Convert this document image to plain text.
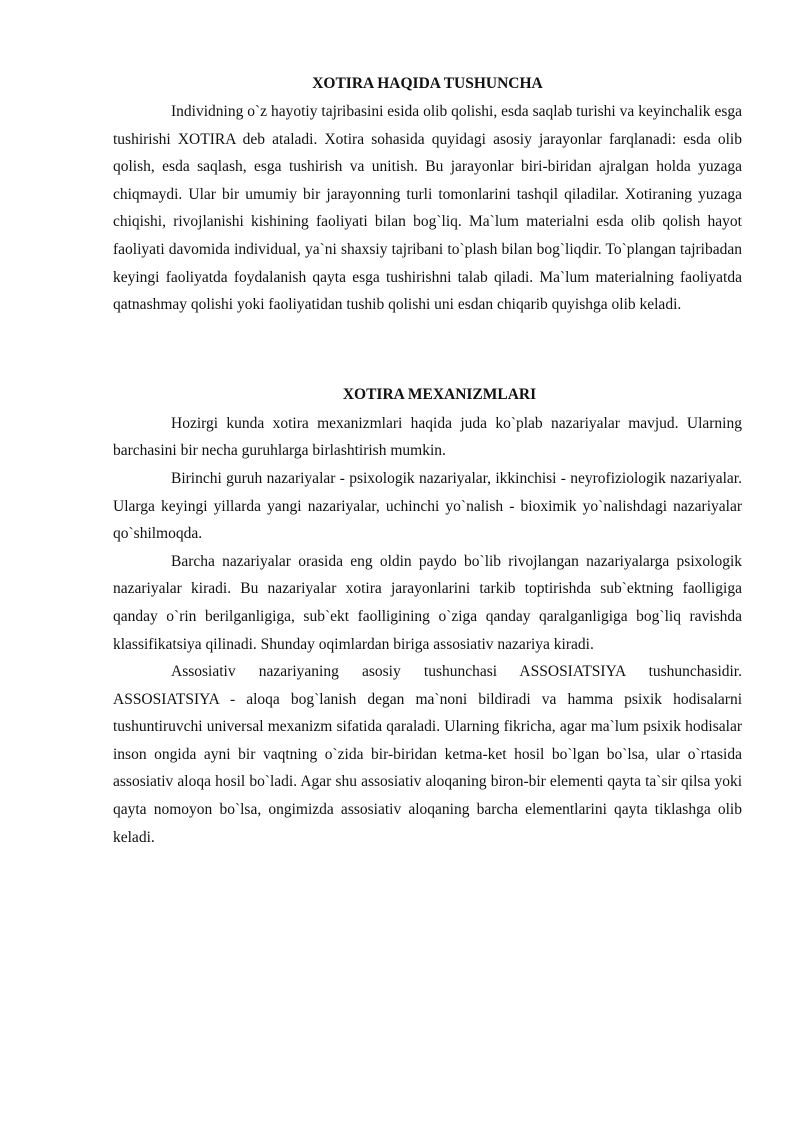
XOTIRA HAQIDA TUSHUNCHA

Individning o`z hayotiy tajribasini esida olib qolishi, esda saqlab turishi va keyinchalik esga tushirishi XOTIRA deb ataladi. Xotira sohasida quyidagi asosiy jarayonlar farqlanadi: esda olib qolish, esda saqlash, esga tushirish va unitish. Bu jarayonlar biri-biridan ajralgan holda yuzaga chiqmaydi. Ular bir umumiy bir jarayonning turli tomonlarini tashqil qiladilar. Xotiraning yuzaga chiqishi, rivojlanishi kishining faoliyati bilan bog`liq. Ma`lum materialni esda olib qolish hayot faoliyati davomida individual, ya`ni shaxsiy tajribani to`plash bilan bog`liqdir. To`plangan tajribadan keyingi faoliyatda foydalanish qayta esga tushirishni talab qiladi. Ma`lum materialning faoliyatda qatnashmay qolishi yoki faoliyatidan tushib qolishi uni esdan chiqarib quyishga olib keladi.

XOTIRA MEXANIZMLARI

Hozirgi kunda xotira mexanizmlari haqida juda ko`plab nazariyalar mavjud. Ularning barchasini bir necha guruhlarga birlashtirish mumkin.

Birinchi guruh nazariyalar - psixologik nazariyalar, ikkinchisi - neyrofiziologik nazariyalar. Ularga keyingi yillarda yangi nazariyalar, uchinchi yo`nalish - bioximik yo`nalishdagi nazariyalar qo`shilmoqda.

Barcha nazariyalar orasida eng oldin paydo bo`lib rivojlangan nazariyalarga psixologik nazariyalar kiradi. Bu nazariyalar xotira jarayonlarini tarkib toptirishda sub`ektning faolligiga qanday o`rin berilganligiga, sub`ekt faolligining o`ziga qanday qaralganligiga bog`liq ravishda klassifikatsiya qilinadi. Shunday oqimlardan biriga assosiativ nazariya kiradi.

Assosiativ nazariyaning asosiy tushunchasi ASSOSIATSIYA tushunchasidir. ASSOSIATSIYA - aloqa bog`lanish degan ma`noni bildiradi va hamma psixik hodisalarni tushuntiruvchi universal mexanizm sifatida qaraladi. Ularning fikricha, agar ma`lum psixik hodisalar inson ongida ayni bir vaqtning o`zida bir-biridan ketma-ket hosil bo`lgan bo`lsa, ular o`rtasida assosiativ aloqa hosil bo`ladi. Agar shu assosiativ aloqaning biron-bir elementi qayta ta`sir qilsa yoki qayta nomoyon bo`lsa, ongimizda assosiativ aloqaning barcha elementlarini qayta tiklashga olib keladi.
